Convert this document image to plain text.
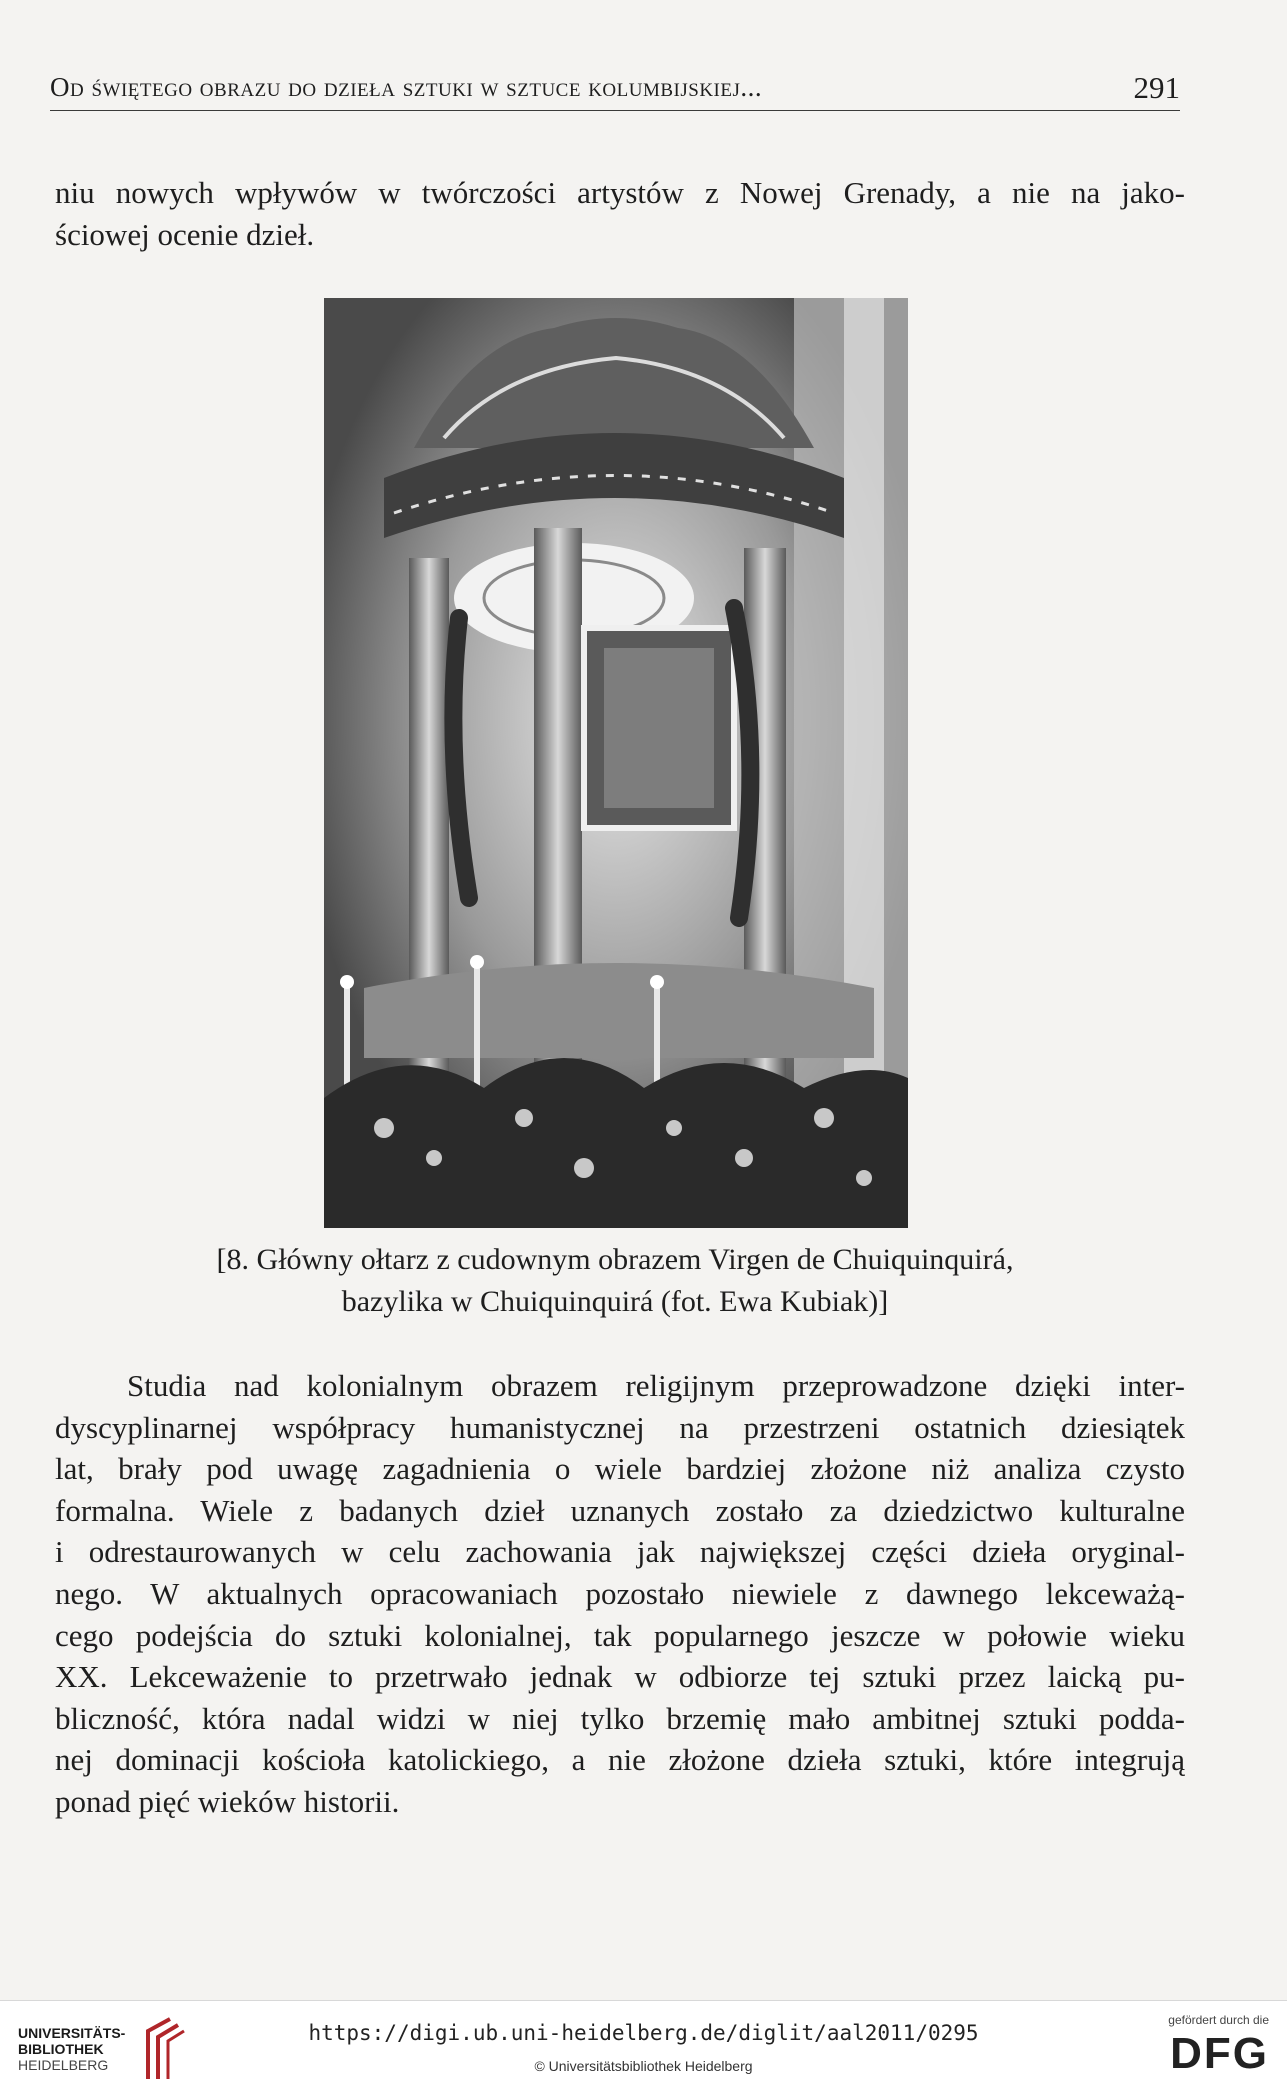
Od świętego obrazu do dzieła sztuki w sztuce kolumbijskiej...	291
niu nowych wpływów w twórczości artystów z Nowej Grenady, a nie na jako-
ściowej ocenie dzieł.
[8. Główny ołtarz z cudownym obrazem Virgen de Chuiquinquirá,
bazylika w Chuiquinquirá (fot. Ewa Kubiak)]
Studia nad kolonialnym obrazem religijnym przeprowadzone dzięki inter-
dyscyplinarnej współpracy humanistycznej na przestrzeni ostatnich dziesiątek
lat, brały pod uwagę zagadnienia o wiele bardziej złożone niż analiza czysto
formalna. Wiele z badanych dzieł uznanych zostało za dziedzictwo kulturalne
i odrestaurowanych w celu zachowania jak największej części dzieła oryginal-
nego. W aktualnych opracowaniach pozostało niewiele z dawnego lekceważą-
cego podejścia do sztuki kolonialnej, tak popularnego jeszcze w połowie wieku
XX. Lekceważenie to przetrwało jednak w odbiorze tej sztuki przez laicką pu-
bliczność, która nadal widzi w niej tylko brzemię mało ambitnej sztuki podda-
nej dominacji kościoła katolickiego, a nie złożone dzieła sztuki, które integrują
ponad pięć wieków historii.
UNIVERSITÄTS-
BIBLIOTHEK
HEIDELBERG
https://digi.ub.uni-heidelberg.de/diglit/aal2011/0295
© Universitätsbibliothek Heidelberg
gefördert durch die
DFG
